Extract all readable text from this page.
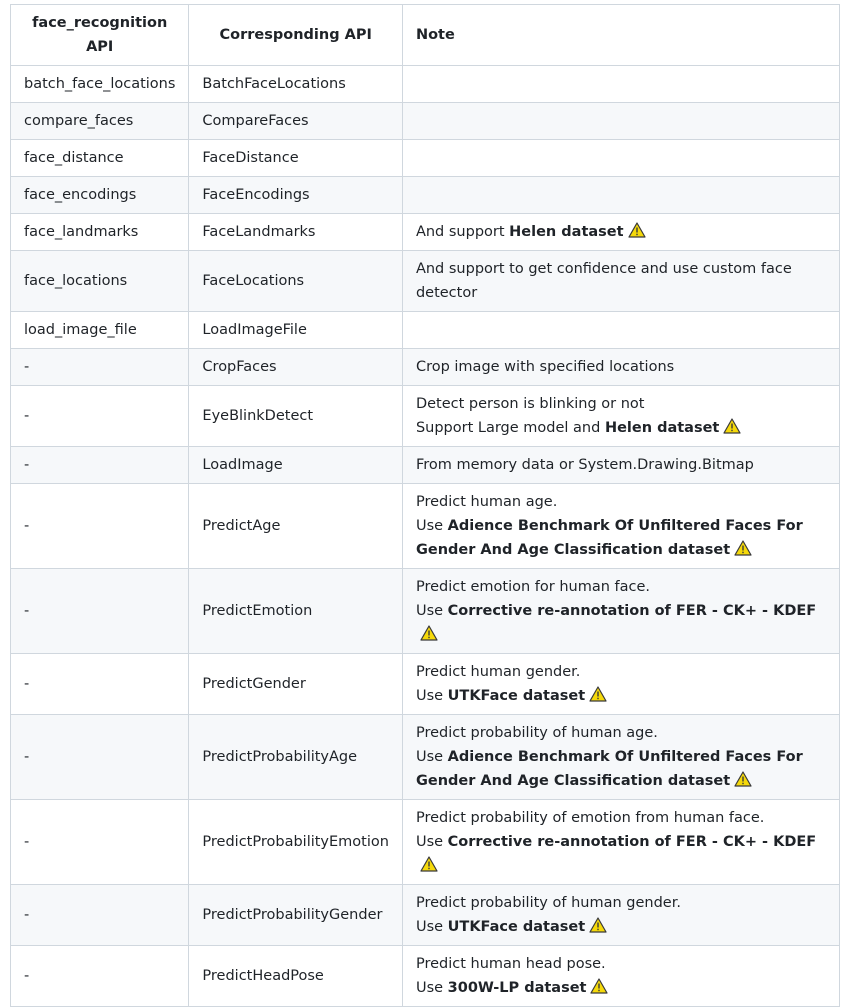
face_recognition API	Corresponding API	Note
batch_face_locations	BatchFaceLocations	
compare_faces	CompareFaces	
face_distance	FaceDistance	
face_encodings	FaceEncodings	
face_landmarks	FaceLandmarks	And support Helen dataset

face_locations	FaceLocations	And support to get confidence and use custom face detector

load_image_file	LoadImageFile	
-	CropFaces	Crop image with specified locations

-	EyeBlinkDetect	Detect person is blinking or not
Support Large model and Helen dataset

-	LoadImage	From memory data or System.Drawing.Bitmap

-	PredictAge	Predict human age.
Use Adience Benchmark Of Unfiltered Faces For Gender And Age Classification dataset

-	PredictEmotion	Predict emotion for human face.
Use Corrective re-annotation of FER - CK+ - KDEF

-	PredictGender	Predict human gender.
Use UTKFace dataset

-	PredictProbabilityAge	Predict probability of human age.
Use Adience Benchmark Of Unfiltered Faces For Gender And Age Classification dataset

-	PredictProbabilityEmotion	Predict probability of emotion from human face.
Use Corrective re-annotation of FER - CK+ - KDEF

-	PredictProbabilityGender	Predict probability of human gender.
Use UTKFace dataset

-	PredictHeadPose	Predict human head pose.
Use 300W-LP dataset
